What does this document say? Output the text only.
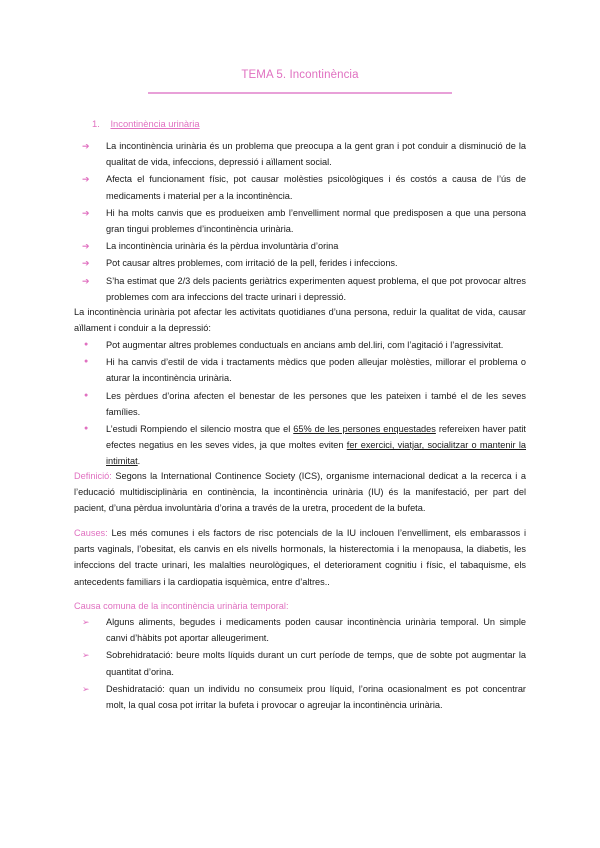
TEMA 5. Incontinència
1. Incontinència urinària
➔ La incontinència urinària és un problema que preocupa a la gent gran i pot conduir a disminució de la qualitat de vida, infeccions, depressió i aïllament social.
➔ Afecta el funcionament físic, pot causar molèsties psicològiques i és costós a causa de l’ús de medicaments i material per a la incontinència.
➔ Hi ha molts canvis que es produeixen amb l’envelliment normal que predisposen a que una persona gran tingui problemes d’incontinència urinària.
➔ La incontinència urinària és la pèrdua involuntària d’orina
➔ Pot causar altres problemes, com irritació de la pell, ferides i infeccions.
➔ S’ha estimat que 2/3 dels pacients geriàtrics experimenten aquest problema, el que pot provocar altres problemes com ara infeccions del tracte urinari i depressió.

La incontinència urinària pot afectar les activitats quotidianes d’una persona, reduir la qualitat de vida, causar aïllament i conduir a la depressió:

● Pot augmentar altres problemes conductuals en ancians amb del.liri, com l’agitació i l’agressivitat.
● Hi ha canvis d’estil de vida i tractaments mèdics que poden alleujar molèsties, millorar el problema o aturar la incontinència urinària.
● Les pèrdues d’orina afecten el benestar de les persones que les pateixen i també el de les seves famílies.
● L’estudi Rompiendo el silencio mostra que el 65% de les persones enquestades refereixen haver patit efectes negatius en les seves vides, ja que moltes eviten fer exercici, viatjar, socialitzar o mantenir la intimitat.

Definició: Segons la International Continence Society (ICS), organisme internacional dedicat a la recerca i a l’educació multidisciplinària en continència, la incontinència urinària (IU) és la manifestació, per part del pacient, d’una pèrdua involuntària d’orina a través de la uretra, procedent de la bufeta.

Causes: Les més comunes i els factors de risc potencials de la IU inclouen l’envelliment, els embarassos i parts vaginals, l’obesitat, els canvis en els nivells hormonals, la histerectomia i la menopausa, la diabetis, les infeccions del tracte urinari, les malalties neurològiques, el deteriorament cognitiu i físic, el tabaquisme, els antecedents familiars i la cardiopatia isquèmica, entre d’altres..

Causa comuna de la incontinència urinària temporal:

➢ Alguns aliments, begudes i medicaments poden causar incontinència urinària temporal. Un simple canvi d’hàbits pot aportar alleugeriment.
➢ Sobrehidratació: beure molts líquids durant un curt període de temps, que de sobte pot augmentar la quantitat d’orina.
➢ Deshidratació: quan un individu no consumeix prou líquid, l’orina ocasionalment es pot concentrar molt, la qual cosa pot irritar la bufeta i provocar o agreujar la incontinència urinària.
